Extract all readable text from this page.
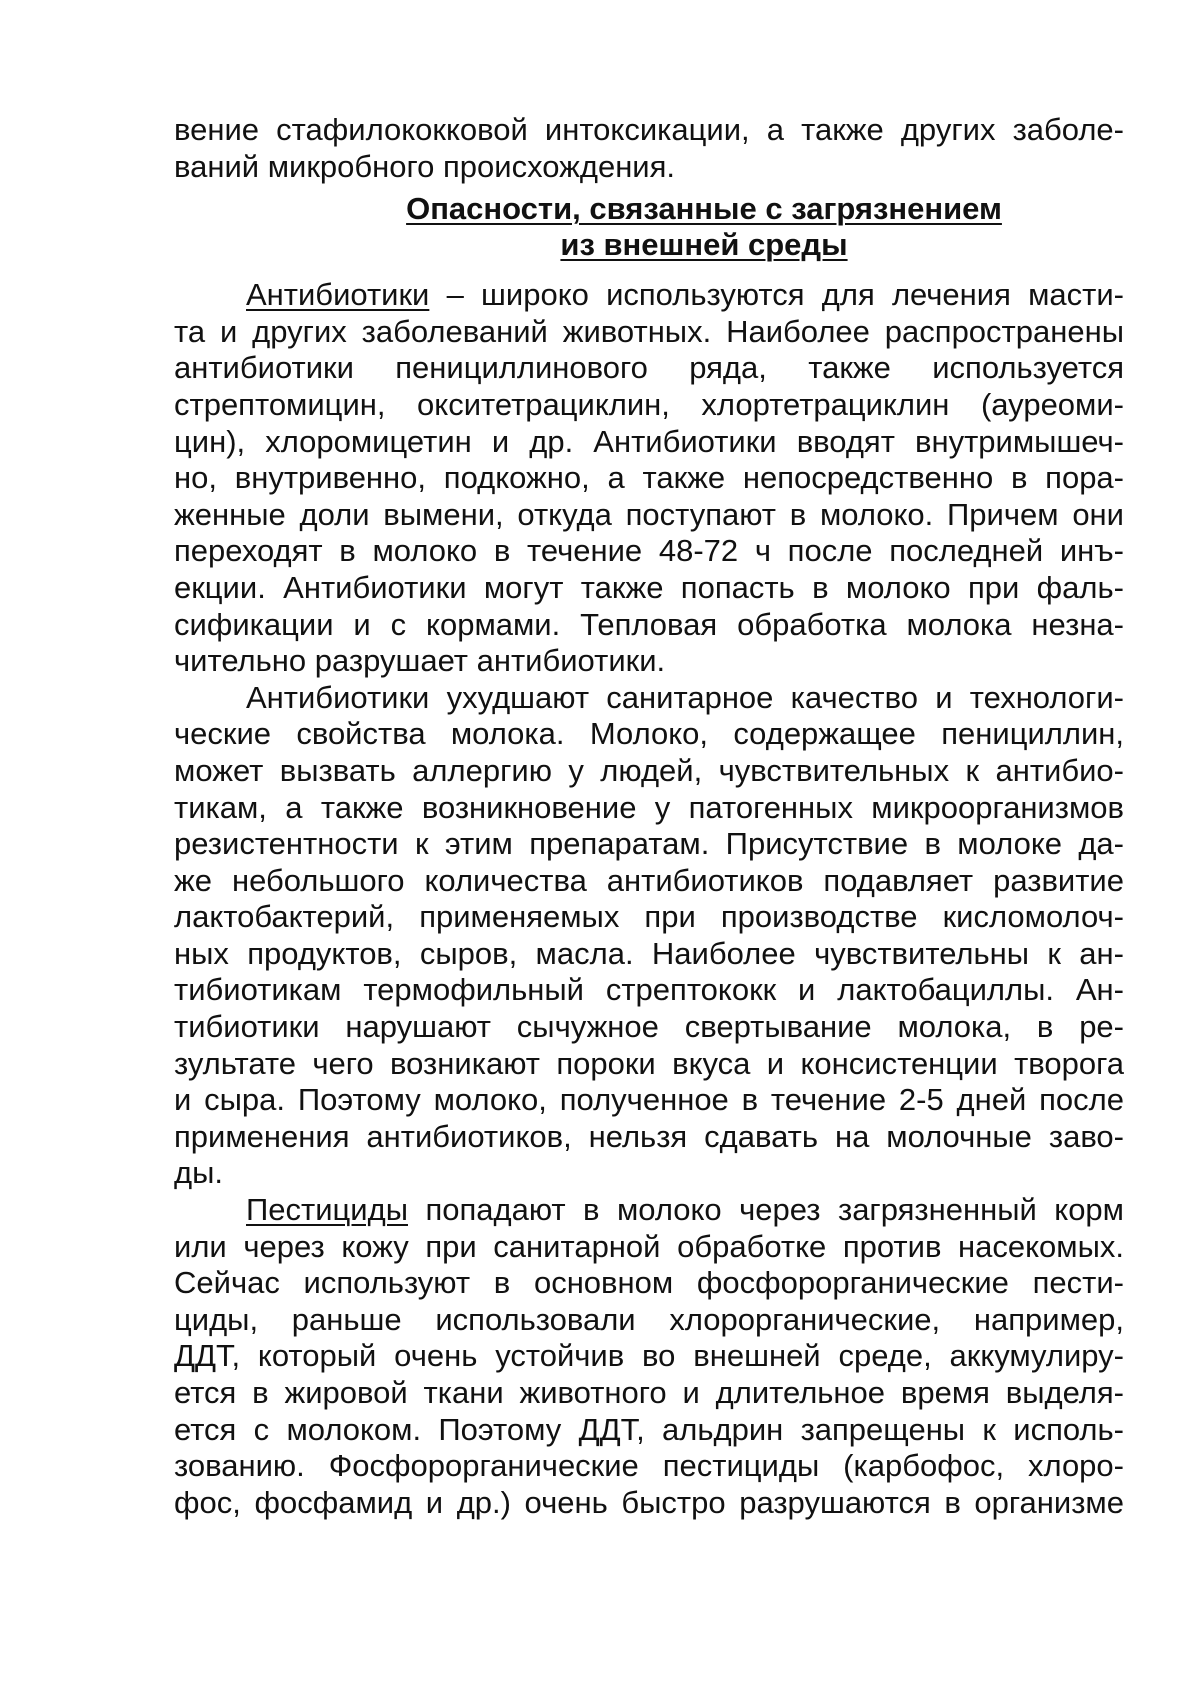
вение стафилококковой интоксикации, а также других заболе-
ваний микробного происхождения.
Опасности, связанные с загрязнением
из внешней среды
Антибиотики – широко используются для лечения масти-
та и других заболеваний животных. Наиболее распространены
антибиотики пенициллинового ряда, также используется
стрептомицин, окситетрациклин, хлортетрациклин (ауреоми-
цин), хлоромицетин и др. Антибиотики вводят внутримышеч-
но, внутривенно, подкожно, а также непосредственно в пора-
женные доли вымени, откуда поступают в молоко. Причем они
переходят в молоко в течение 48-72 ч после последней инъ-
екции. Антибиотики могут также попасть в молоко при фаль-
сификации и с кормами. Тепловая обработка молока незна-
чительно разрушает антибиотики.
Антибиотики ухудшают санитарное качество и технологи-
ческие свойства молока. Молоко, содержащее пенициллин,
может вызвать аллергию у людей, чувствительных к антибио-
тикам, а также возникновение у патогенных микроорганизмов
резистентности к этим препаратам. Присутствие в молоке да-
же небольшого количества антибиотиков подавляет развитие
лактобактерий, применяемых при производстве кисломолоч-
ных продуктов, сыров, масла. Наиболее чувствительны к ан-
тибиотикам термофильный стрептококк и лактобациллы. Ан-
тибиотики нарушают сычужное свертывание молока, в ре-
зультате чего возникают пороки вкуса и консистенции творога
и сыра. Поэтому молоко, полученное в течение 2-5 дней после
применения антибиотиков, нельзя сдавать на молочные заво-
ды.
Пестициды попадают в молоко через загрязненный корм
или через кожу при санитарной обработке против насекомых.
Сейчас используют в основном фосфорорганические пести-
циды, раньше использовали хлорорганические, например,
ДДТ, который очень устойчив во внешней среде, аккумулиру-
ется в жировой ткани животного и длительное время выделя-
ется с молоком. Поэтому ДДТ, альдрин запрещены к исполь-
зованию. Фосфорорганические пестициды (карбофос, хлоро-
фос, фосфамид и др.) очень быстро разрушаются в организме
